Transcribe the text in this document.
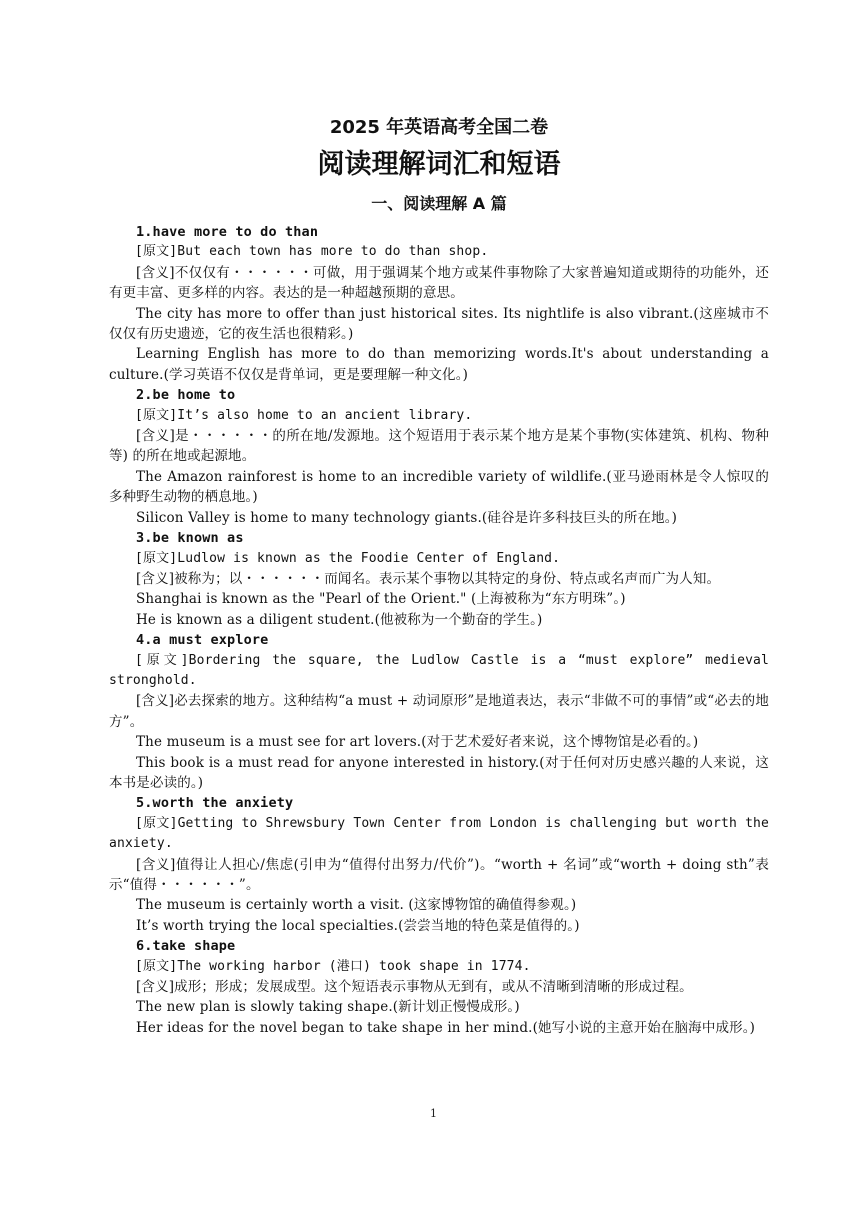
2025 年英语高考全国二卷
阅读理解词汇和短语
一、阅读理解 A 篇

1.have more to do than

[原文]But each town has more to do than shop.

[含义]不仅仅有・・・・・・可做，用于强调某个地方或某件事物除了大家普遍知道或期待的功能外，还有更丰富、更多样的内容。表达的是一种超越预期的意思。

The city has more to offer than just historical sites. Its nightlife is also vibrant.(这座城市不仅仅有历史遗迹，它的夜生活也很精彩。)

Learning English has more to do than memorizing words.It's about understanding a culture.(学习英语不仅仅是背单词，更是要理解一种文化。)

2.be home to

[原文]It’s also home to an ancient library.

[含义]是・・・・・・的所在地/发源地。这个短语用于表示某个地方是某个事物(实体建筑、机构、物种等) 的所在地或起源地。

The Amazon rainforest is home to an incredible variety of wildlife.(亚马逊雨林是令人惊叹的多种野生动物的栖息地。)

Silicon Valley is home to many technology giants.(硅谷是许多科技巨头的所在地。)

3.be known as

[原文]Ludlow is known as the Foodie Center of England.

[含义]被称为；以・・・・・・而闻名。表示某个事物以其特定的身份、特点或名声而广为人知。

Shanghai is known as the "Pearl of the Orient." (上海被称为“东方明珠”。)

He is known as a diligent student.(他被称为一个勤奋的学生。)

4.a must explore

[原文]Bordering the square, the Ludlow Castle is a “must explore” medieval stronghold.

[含义]必去探索的地方。这种结构“a must + 动词原形”是地道表达，表示“非做不可的事情”或“必去的地方”。

The museum is a must see for art lovers.(对于艺术爱好者来说，这个博物馆是必看的。)

This book is a must read for anyone interested in history.(对于任何对历史感兴趣的人来说，这本书是必读的。)

5.worth the anxiety

[原文]Getting to Shrewsbury Town Center from London is challenging but worth the anxiety.

[含义]值得让人担心/焦虑(引申为“值得付出努力/代价”)。“worth + 名词”或“worth + doing sth”表示“值得・・・・・・”。

The museum is certainly worth a visit. (这家博物馆的确值得参观。)

It’s worth trying the local specialties.(尝尝当地的特色菜是值得的。)

6.take shape

[原文]The working harbor (港口) took shape in 1774.

[含义]成形；形成；发展成型。这个短语表示事物从无到有，或从不清晰到清晰的形成过程。

The new plan is slowly taking shape.(新计划正慢慢成形。)

Her ideas for the novel began to take shape in her mind.(她写小说的主意开始在脑海中成形。)

1
